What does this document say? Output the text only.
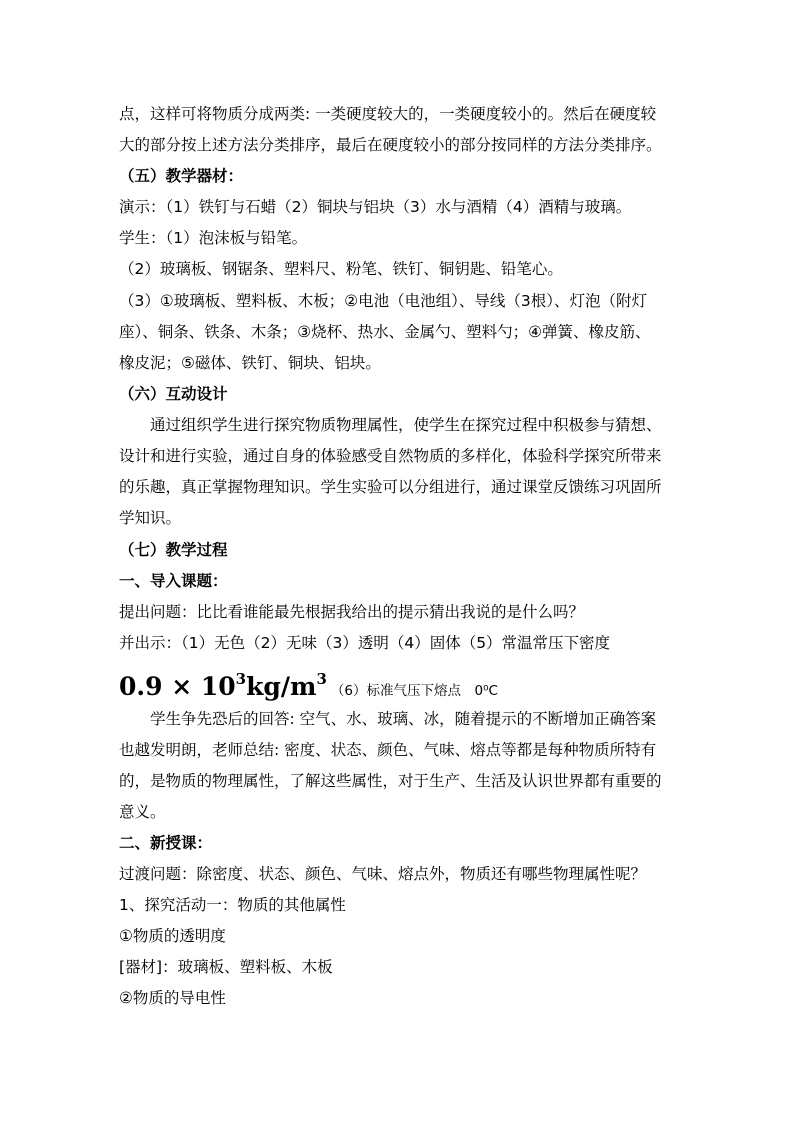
点，这样可将物质分成两类: 一类硬度较大的，一类硬度较小的。然后在硬度较
大的部分按上述方法分类排序，最后在硬度较小的部分按同样的方法分类排序。
（五）教学器材：
演示：（1）铁钉与石蜡（2）铜块与铝块（3）水与酒精（4）酒精与玻璃。
学生：（1）泡沫板与铅笔。
（2）玻璃板、钢锯条、塑料尺、粉笔、铁钉、铜钥匙、铅笔心。
（3）①玻璃板、塑料板、木板；②电池（电池组）、导线（3根）、灯泡（附灯
座）、铜条、铁条、木条；③烧杯、热水、金属勺、塑料勺；④弹簧、橡皮筋、
橡皮泥；⑤磁体、铁钉、铜块、铝块。
（六）互动设计
通过组织学生进行探究物质物理属性，使学生在探究过程中积极参与猜想、
设计和进行实验，通过自身的体验感受自然物质的多样化，体验科学探究所带来
的乐趣，真正掌握物理知识。学生实验可以分组进行，通过课堂反馈练习巩固所
学知识。
（七）教学过程
一、导入课题：
提出问题：比比看谁能最先根据我给出的提示猜出我说的是什么吗？
并出示：（1）无色（2）无味（3）透明（4）固体（5）常温常压下密度
$0.9 \times 10^3kg/m^3(6)$标准气压下熔点　0⁰C
学生争先恐后的回答: 空气、水、玻璃、冰，随着提示的不断增加正确答案
也越发明朗，老师总结: 密度、状态、颜色、气味、熔点等都是每种物质所特有
的，是物质的物理属性，了解这些属性，对于生产、生活及认识世界都有重要的
意义。
二、新授课：
过渡问题：除密度、状态、颜色、气味、熔点外，物质还有哪些物理属性呢？
1、探究活动一：物质的其他属性
①物质的透明度
[器材]：玻璃板、塑料板、木板
②物质的导电性
